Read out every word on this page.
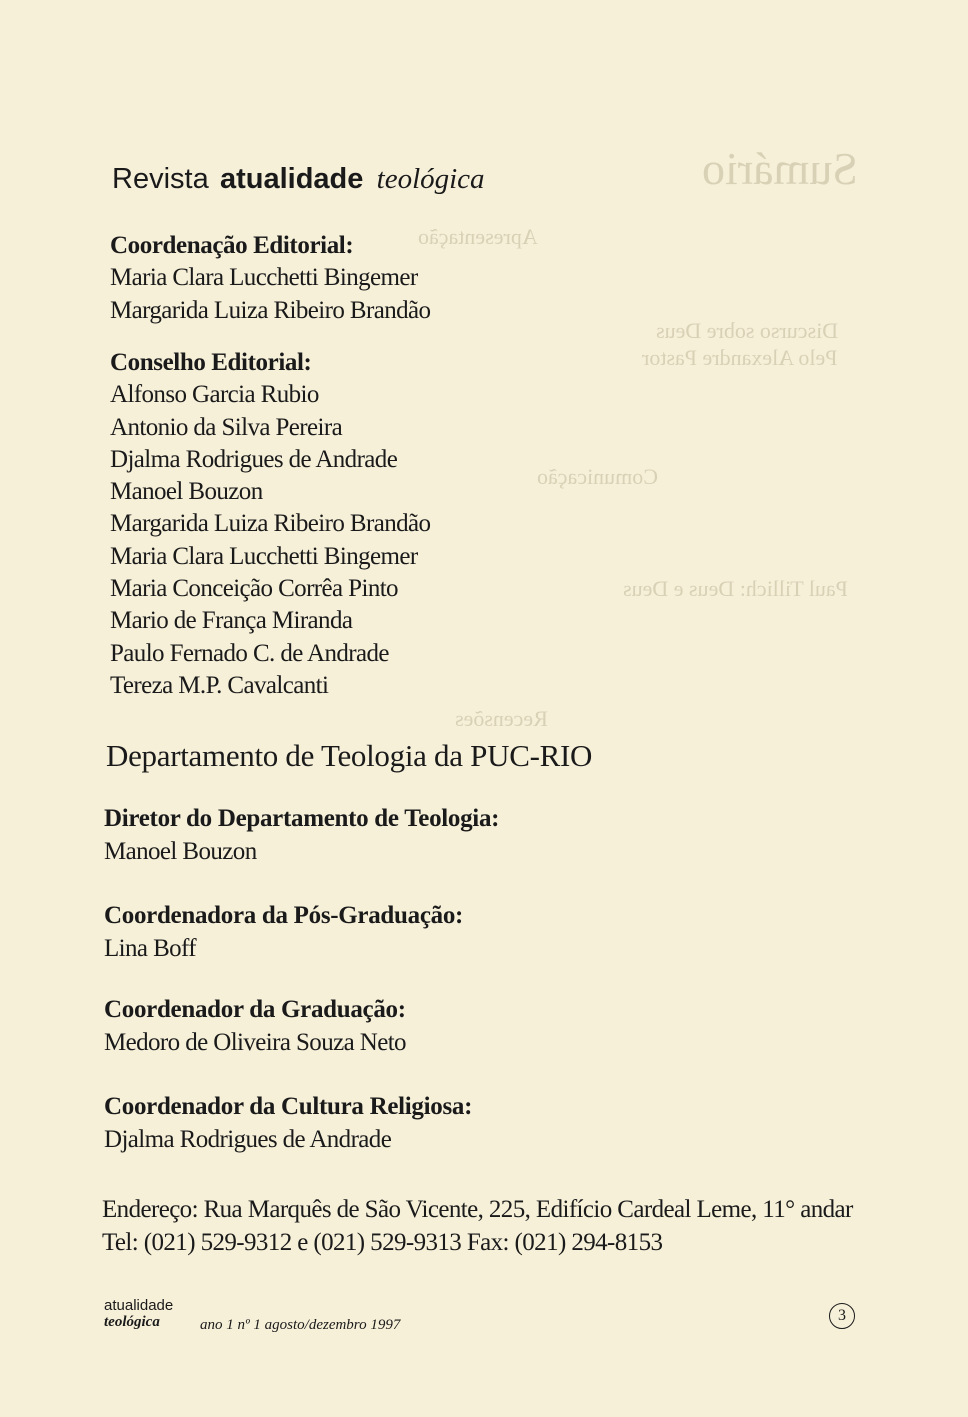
Sumário
Apresentação
Discurso sobre Deus
Pelo Alexandre Pastor
Comunicação
Paul Tillich: Deus e Deus
Recensões
Revista atualidade teológica
Coordenação Editorial:
Maria Clara Lucchetti Bingemer
Margarida Luiza Ribeiro Brandão
Conselho Editorial:
Alfonso Garcia Rubio
Antonio da Silva Pereira
Djalma Rodrigues de Andrade
Manoel Bouzon
Margarida Luiza Ribeiro Brandão
Maria Clara Lucchetti Bingemer
Maria Conceição Corrêa Pinto
Mario de França Miranda
Paulo Fernado C. de Andrade
Tereza M.P. Cavalcanti
Departamento de Teologia da PUC-RIO
Diretor do Departamento de Teologia:
Manoel Bouzon
Coordenadora da Pós-Graduação:
Lina Boff
Coordenador da Graduação:
Medoro de Oliveira Souza Neto
Coordenador da Cultura Religiosa:
Djalma Rodrigues de Andrade
Endereço: Rua Marquês de São Vicente, 225, Edifício Cardeal Leme, 11° andar Tel: (021) 529-9312 e (021) 529-9313 Fax: (021) 294-8153
atualidade
teológica	ano 1 nº 1 agosto/dezembro 1997
3
